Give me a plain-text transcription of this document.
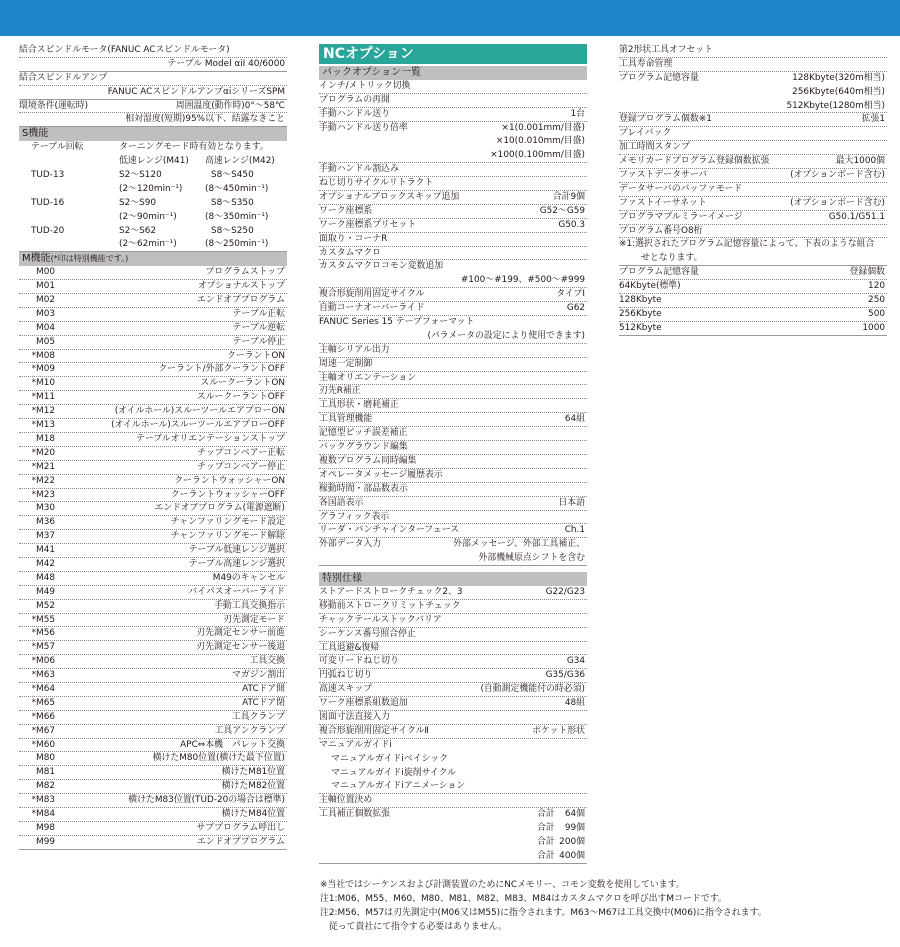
結合スピンドルモータ(FANUC ACスピンドルモータ)
テーブル Model αiI 40/6000
結合スピンドルアンプ
FANUC ACスピンドルアンプαiシリーズSPM
環境条件(運転時)	周囲温度(動作時)0°〜58℃
相対湿度(短期)95%以下、結露なきこと
S機能
テーブル回転	ターニングモード時有効となります。
低速レンジ(M41) 高速レンジ(M42)
TUD-13	S2〜S120	S8〜S450
(2〜120min⁻¹)	(8〜450min⁻¹)
TUD-16	S2〜S90	S8〜S350
(2〜90min⁻¹)	(8〜350min⁻¹)
TUD-20	S2〜S62	S8〜S250
(2〜62min⁻¹)	(8〜250min⁻¹)
M機能(*印は特別機能です。)
M00	プログラムストップ
M01	オプショナルストップ
M02	エンドオブプログラム
M03	テーブル正転
M04	テーブル逆転
M05	テーブル停止
*M08	クーラントON
*M09	クーラント/外部クーラントOFF
*M10	スルークーラントON
*M11	スルークーラントOFF
*M12	(オイルホール)スルーツールエアブローON
*M13	(オイルホール)スルーツールエアブローOFF
M18	テーブルオリエンテーションストップ
*M20	チップコンベアー正転
*M21	チップコンベアー停止
*M22	クーラントウォッシャーON
*M23	クーラントウォッシャーOFF
M30	エンドオブプログラム(電源遮断)
M36	チャンファリングモード設定
M37	チャンファリングモード解除
M41	テーブル低速レンジ選択
M42	テーブル高速レンジ選択
M48	M49のキャンセル
M49	バイパスオーバーライド
M52	手動工具交換指示
*M55	刃先測定モード
*M56	刃先測定センサー前進
*M57	刃先測定センサー後退
*M06	工具交換
*M63	マガジン割出
*M64	ATCドア開
*M65	ATCドア閉
*M66	工具クランプ
*M67	工具アンクランプ
*M60	APC⇔本機　パレット交換
M80	横けたM80位置(横けた最下位置)
M81	横けたM81位置
M82	横けたM82位置
*M83	横けたM83位置(TUD-20の場合は標準)
*M84	横けたM84位置
M98	サブプログラム呼出し
M99	エンドオブプログラム
NCオプション
パックオプション一覧
インチ/メトリック切換
プログラムの再開
手動ハンドル送り	1台
手動ハンドル送り倍率	×1(0.001mm/目盛)
×10(0.010mm/目盛)
×100(0.100mm/目盛)
手動ハンドル割込み
ねじ切りサイクルリトラクト
オプショナルブロックスキップ追加	合計9個
ワーク座標系	G52〜G59
ワーク座標系プリセット	G50.3
面取り・コーナR
カスタムマクロ
カスタムマクロコモン変数追加
#100〜#199、#500〜#999
複合形旋削用固定サイクル	タイプⅠ
自動コーナオーバーライド	G62
FANUC Series 15 テープフォーマット
(パラメータの設定により使用できます)
主軸シリアル出力
周速一定制御
主軸オリエンテーション
刃先R補正
工具形状・磨耗補正
工具管理機能	64組
記憶型ピッチ誤差補正
バックグラウンド編集
複数プログラム同時編集
オペレータメッセージ履歴表示
稼動時間・部品数表示
各国語表示	日本語
グラフィック表示
リーダ・パンチャインターフェース	Ch.1
外部データ入力	外部メッセージ、外部工具補正、
外部機械原点シフトを含む
特別仕様
ストアードストロークチェック2、3	G22/G23
移動前ストロークリミットチェック
チャックテールストックバリア
シーケンス番号照合停止
工具退避&復帰
可変リードねじ切り	G34
円弧ねじ切り	G35/G36
高速スキップ	(自動測定機能付の時必須)
ワーク座標系組数追加	48組
図面寸法直接入力
複合形旋削用固定サイクルⅡ	ポケット形状
マニュアルガイドi
マニュアルガイドiベイシック
マニュアルガイドi旋削サイクル
マニュアルガイドiアニメーション
主軸位置決め
工具補正個数拡張	合計 64個
合計 99個
合計 200個
合計 400個
第2形状工具オフセット
工具寿命管理
プログラム記憶容量	128Kbyte(320m相当)
256Kbyte(640m相当)
512Kbyte(1280m相当)
登録プログラム個数※1	拡張1
プレイバック
加工時間スタンプ
メモリカードプログラム登録個数拡張	最大1000個
ファストデータサーバ	(オプションボード含む)
データサーバのバッファモード
ファストイーサネット	(オプションボード含む)
プログラマブルミラーイメージ	G50.1/G51.1
プログラム番号O8桁
※1:選択されたプログラム記憶容量によって、下表のような組合
せとなります。
プログラム記憶容量	登録個数
64Kbyte(標準)	120
128Kbyte	250
256Kbyte	500
512Kbyte	1000
※当社ではシーケンスおよび計測装置のためにNCメモリー、コモン変数を使用しています。
注1:M06、M55、M60、M80、M81、M82、M83、M84はカスタムマクロを呼び出すMコードです。
注2:M56、M57は刃先測定中(M06又はM55)に指令されます。M63〜M67は工具交換中(M06)に指令されます。
　従って貴社にて指令する必要はありません。
